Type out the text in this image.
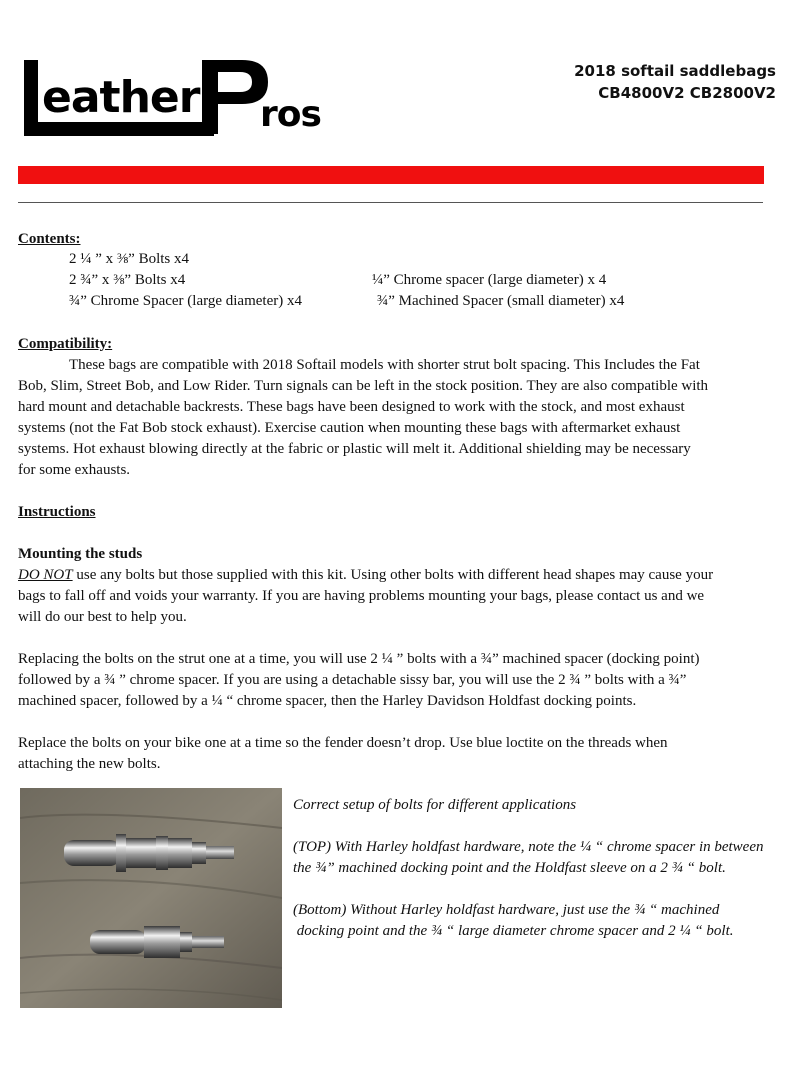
eather ros
2018 softail saddlebags
CB4800V2 CB2800V2
Contents:
2 ¼ ” x ⅜” Bolts x4
2 ¾” x ⅜” Bolts x4
¾” Chrome Spacer (large diameter) x4
¼” Chrome spacer (large diameter) x 4
¾” Machined Spacer (small diameter) x4
Compatibility:
These bags are compatible with 2018 Softail models with shorter strut bolt spacing. This Includes the Fat
Bob, Slim, Street Bob, and Low Rider. Turn signals can be left in the stock position. They are also compatible with
hard mount and detachable backrests. These bags have been designed to work with the stock, and most exhaust
systems (not the Fat Bob stock exhaust). Exercise caution when mounting these bags with aftermarket exhaust
systems. Hot exhaust blowing directly at the fabric or plastic will melt it. Additional shielding may be necessary
for some exhausts.
Instructions
Mounting the studs
DO NOT use any bolts but those supplied with this kit. Using other bolts with different head shapes may cause your
bags to fall off and voids your warranty. If you are having problems mounting your bags, please contact us and we
will do our best to help you.
Replacing the bolts on the strut one at a time, you will use 2 ¼ ” bolts with a ¾” machined spacer (docking point)
followed by a ¾ ” chrome spacer. If you are using a detachable sissy bar, you will use the 2 ¾ ” bolts with a ¾”
machined spacer, followed by a ¼ “ chrome spacer, then the Harley Davidson Holdfast docking points.
Replace the bolts on your bike one at a time so the fender doesn’t drop. Use blue loctite on the threads when
attaching the new bolts.
Correct setup of bolts for different applications
(TOP) With Harley holdfast hardware, note the ¼ “ chrome spacer in between
the ¾” machined docking point and the Holdfast sleeve on a 2 ¾ “ bolt.
(Bottom) Without Harley holdfast hardware, just use the ¾ “ machined
docking point and the ¾ “ large diameter chrome spacer and 2 ¼ “ bolt.
